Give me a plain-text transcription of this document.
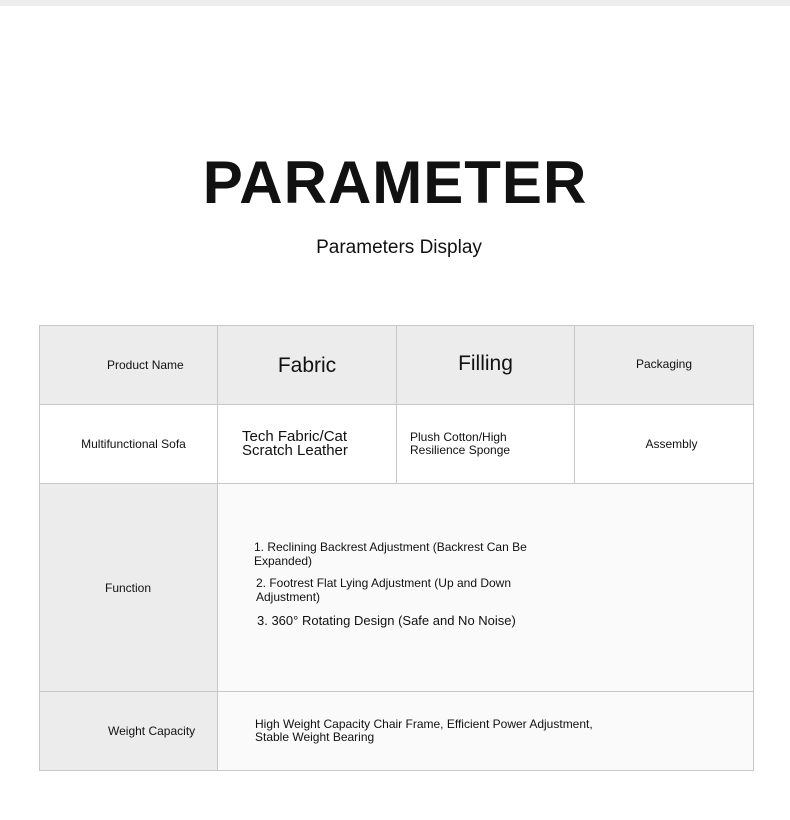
PARAMETER
Parameters Display
Product Name	Fabric	Filling	Packaging

Multifunctional Sofa	Tech Fabric/Cat Scratch Leather	Plush Cotton/High Resilience Sponge	Assembly

Function	1. Reclining Backrest Adjustment (Backrest Can Be Expanded)
2. Footrest Flat Lying Adjustment (Up and Down Adjustment)
3. 360° Rotating Design (Safe and No Noise)		

Weight Capacity	High Weight Capacity Chair Frame, Efficient Power Adjustment, Stable Weight Bearing		
